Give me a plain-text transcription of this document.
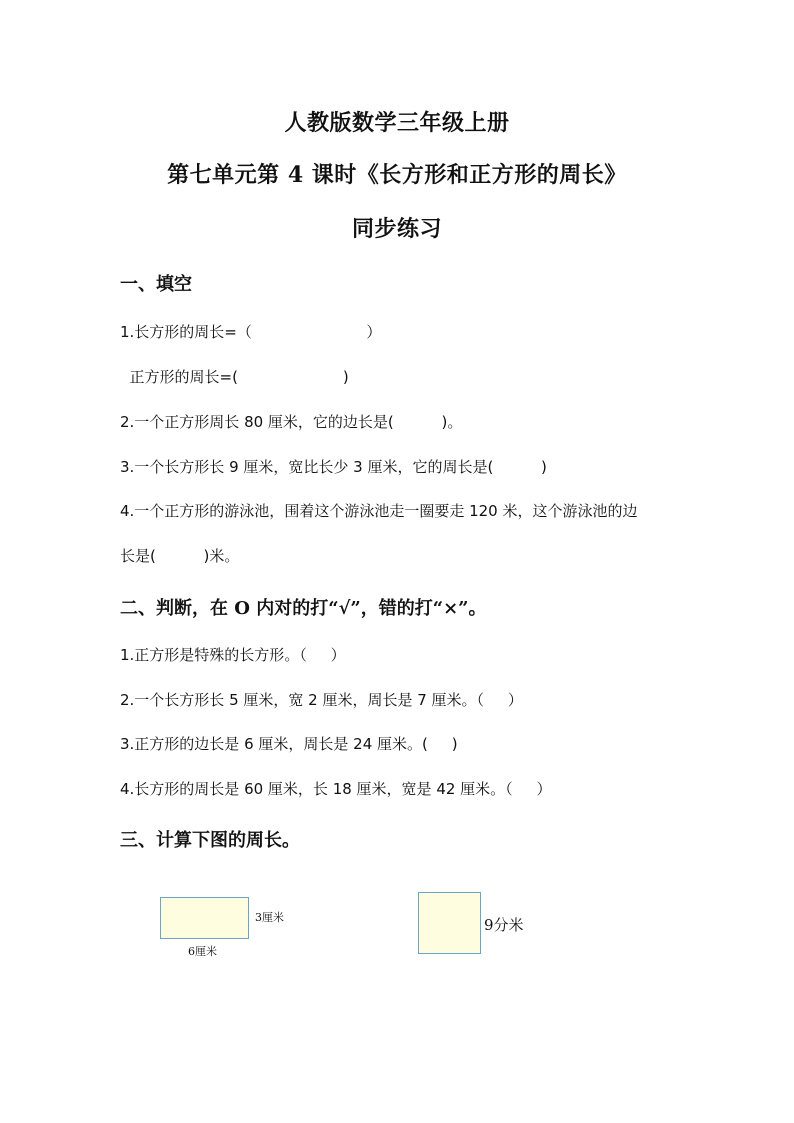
人教版数学三年级上册
第七单元第 4 课时《长方形和正方形的周长》
同步练习
一、填空
1.长方形的周长=（                        ）
正方形的周长=(                      )
2.一个正方形周长 80 厘米，它的边长是(          )。
3.一个长方形长 9 厘米，宽比长少 3 厘米，它的周长是(          )
4.一个正方形的游泳池，围着这个游泳池走一圈要走 120 米，这个游泳池的边
长是(          )米。
二、判断，在 O 内对的打“√”，错的打“×”。
1.正方形是特殊的长方形。（     ）
2.一个长方形长 5 厘米，宽 2 厘米，周长是 7 厘米。（     ）
3.正方形的边长是 6 厘米，周长是 24 厘米。(     )
4.长方形的周长是 60 厘米，长 18 厘米，宽是 42 厘米。（     ）
三、计算下图的周长。
3厘米
6厘米
9分米
